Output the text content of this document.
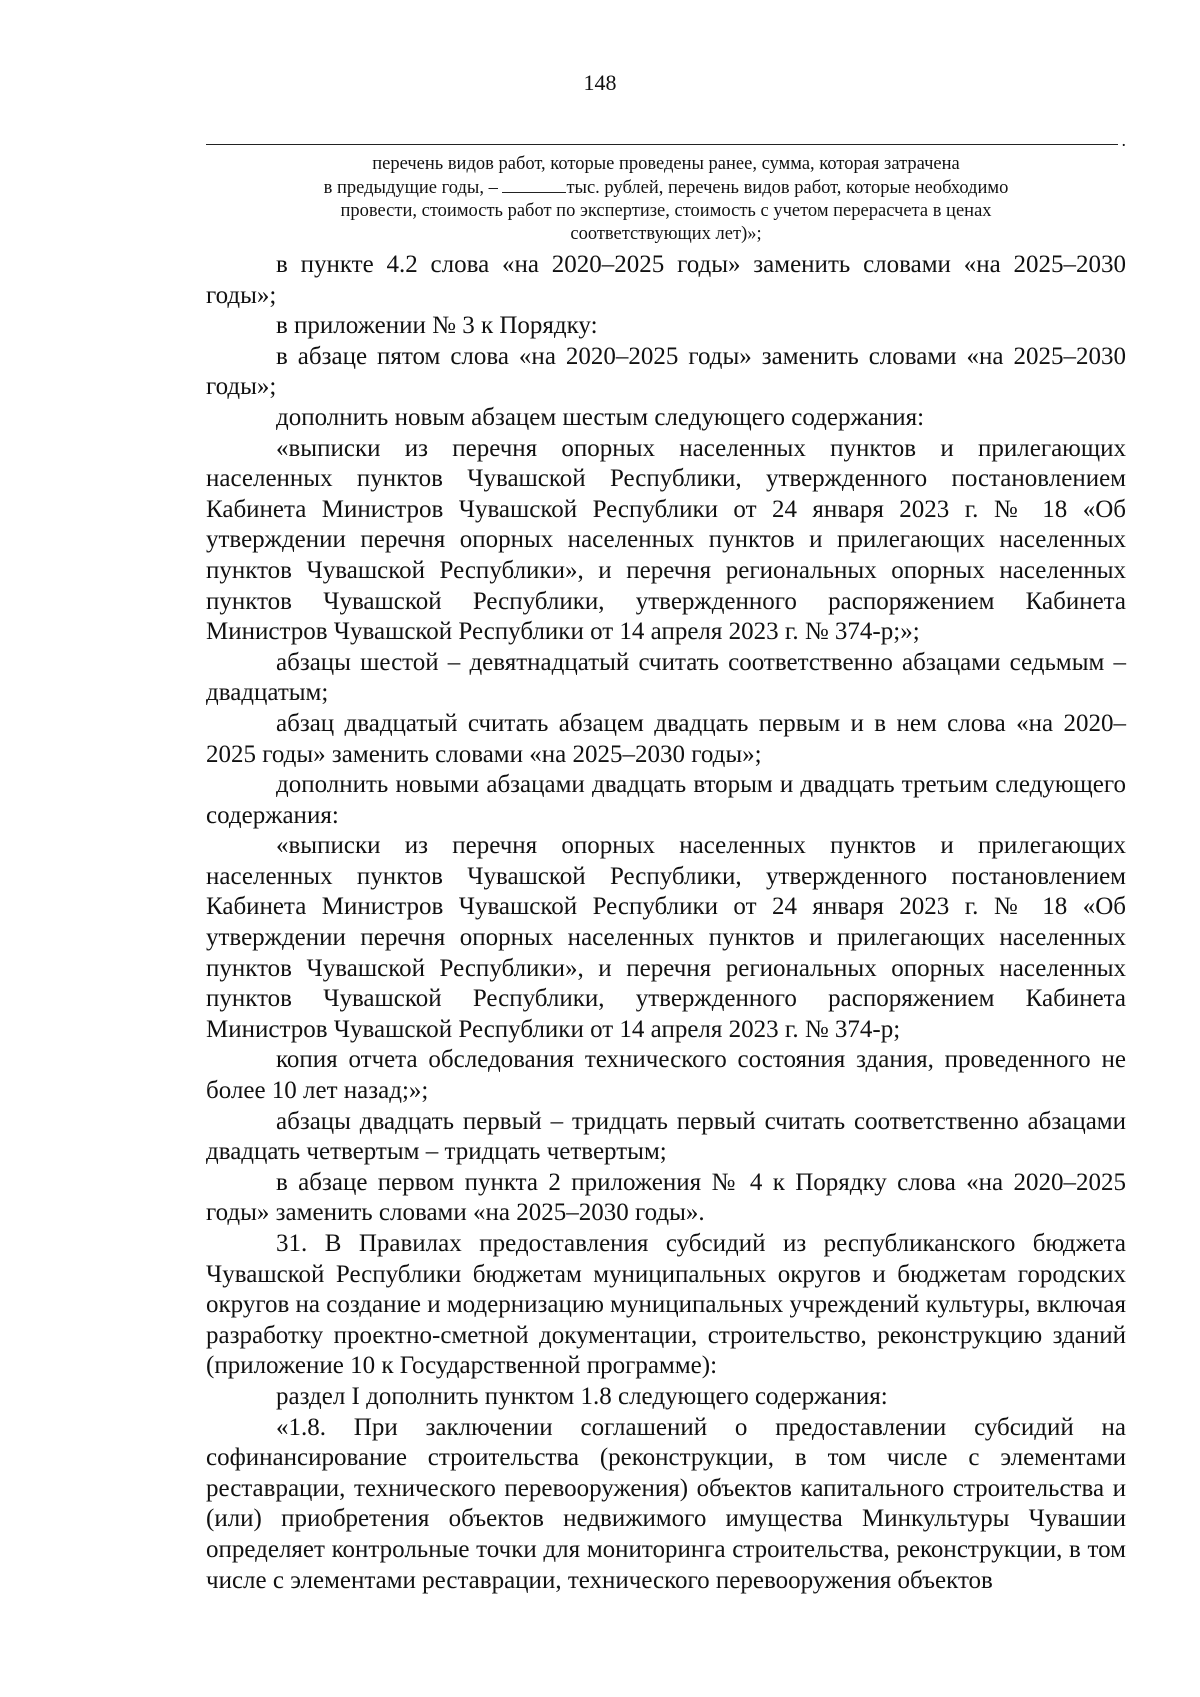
148
.
перечень видов работ, которые проведены ранее, сумма, которая затрачена
в предыдущие годы, –	тыс. рублей, перечень видов работ, которые необходимо
провести, стоимость работ по экспертизе, стоимость с учетом перерасчета в ценах
соответствующих лет)»;

в пункте 4.2 слова «на 2020–2025 годы» заменить словами «на 2025–2030 годы»;

в приложении № 3 к Порядку:

в абзаце пятом слова «на 2020–2025 годы» заменить словами «на 2025–2030 годы»;

дополнить новым абзацем шестым следующего содержания:

«выписки из перечня опорных населенных пунктов и прилегающих населенных пунктов Чувашской Республики, утвержденного постановлением Кабинета Министров Чувашской Республики от 24 января 2023 г. № 18 «Об утверждении перечня опорных населенных пунктов и прилегающих населенных пунктов Чувашской Республики», и перечня региональных опорных населенных пунктов Чувашской Республики, утвержденного распоряжением Кабинета Министров Чувашской Республики от 14 апреля 2023 г. № 374-р;»;

абзацы шестой – девятнадцатый считать соответственно абзацами седьмым – двадцатым;

абзац двадцатый считать абзацем двадцать первым и в нем слова «на 2020–2025 годы» заменить словами «на 2025–2030 годы»;

дополнить новыми абзацами двадцать вторым и двадцать третьим следующего содержания:

«выписки из перечня опорных населенных пунктов и прилегающих населенных пунктов Чувашской Республики, утвержденного постановлением Кабинета Министров Чувашской Республики от 24 января 2023 г. № 18 «Об утверждении перечня опорных населенных пунктов и прилегающих населенных пунктов Чувашской Республики», и перечня региональных опорных населенных пунктов Чувашской Республики, утвержденного распоряжением Кабинета Министров Чувашской Республики от 14 апреля 2023 г. № 374-р;

копия отчета обследования технического состояния здания, проведенного не более 10 лет назад;»;

абзацы двадцать первый – тридцать первый считать соответственно абзацами двадцать четвертым – тридцать четвертым;

в абзаце первом пункта 2 приложения № 4 к Порядку слова «на 2020–2025 годы» заменить словами «на 2025–2030 годы».

31. В Правилах предоставления субсидий из республиканского бюджета Чувашской Республики бюджетам муниципальных округов и бюджетам городских округов на создание и модернизацию муниципальных учреждений культуры, включая разработку проектно-сметной документации, строительство, реконструкцию зданий (приложение 10 к Государственной программе):

раздел I дополнить пунктом 1.8 следующего содержания:

«1.8. При заключении соглашений о предоставлении субсидий на софинансирование строительства (реконструкции, в том числе с элементами реставрации, технического перевооружения) объектов капитального строительства и (или) приобретения объектов недвижимого имущества Минкультуры Чувашии определяет контрольные точки для мониторинга строительства, реконструкции, в том числе с элементами реставрации, технического перевооружения объектов
